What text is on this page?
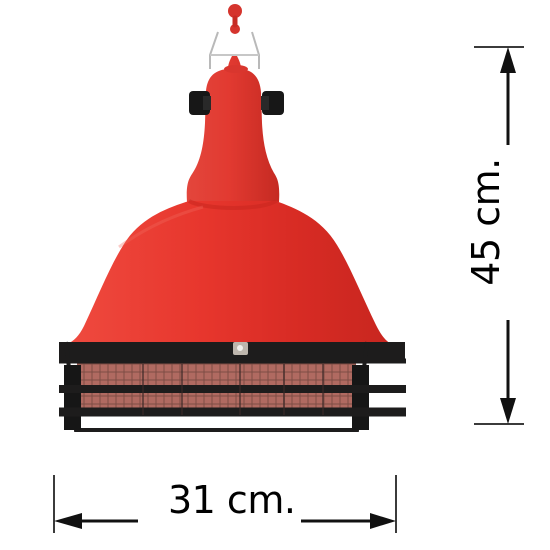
45 cm.
31 cm.
